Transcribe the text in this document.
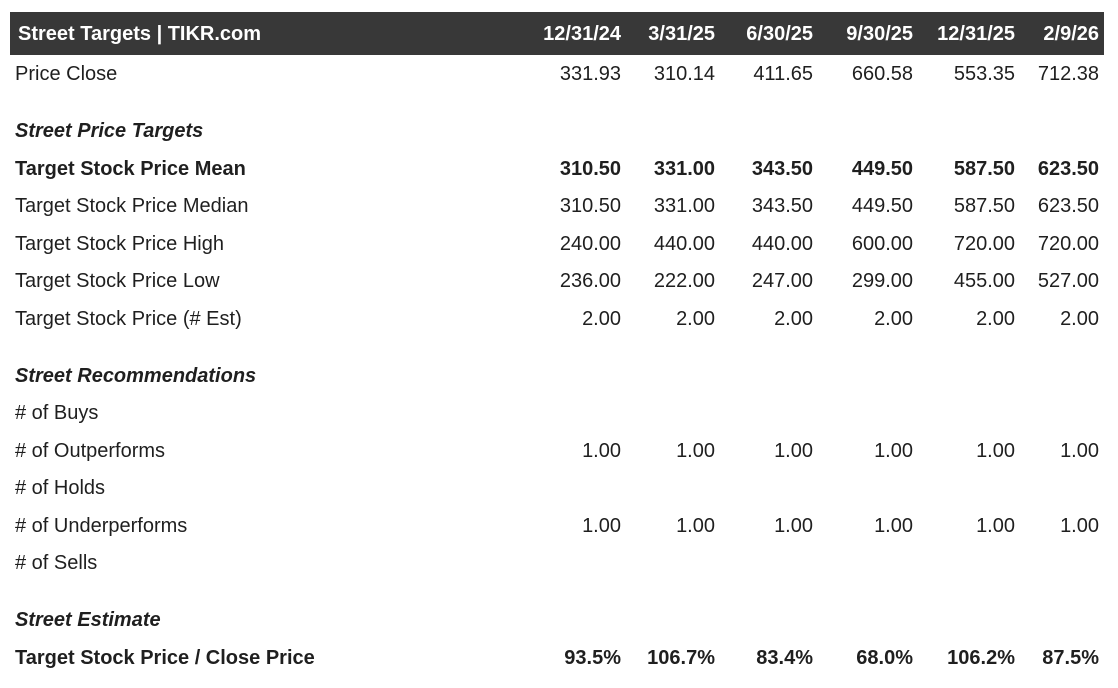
Street Targets | TIKR.com	12/31/24 3/31/25 6/30/25 9/30/25 12/31/25 2/9/26
Price Close	331.93 310.14 411.65 660.58 553.35 712.38
Street Price Targets
Target Stock Price Mean	310.50 331.00 343.50 449.50 587.50 623.50
Target Stock Price Median	310.50 331.00 343.50 449.50 587.50 623.50
Target Stock Price High	240.00 440.00 440.00 600.00 720.00 720.00
Target Stock Price Low	236.00 222.00 247.00 299.00 455.00 527.00
Target Stock Price (# Est)	2.00	2.00	2.00	2.00	2.00 2.00
Street Recommendations
# of Buys
# of Outperforms	1.00	1.00	1.00	1.00	1.00 1.00
# of Holds
# of Underperforms	1.00	1.00	1.00	1.00	1.00 1.00
# of Sells
Street Estimate
Target Stock Price / Close Price	93.5% 106.7% 83.4% 68.0% 106.2% 87.5%
